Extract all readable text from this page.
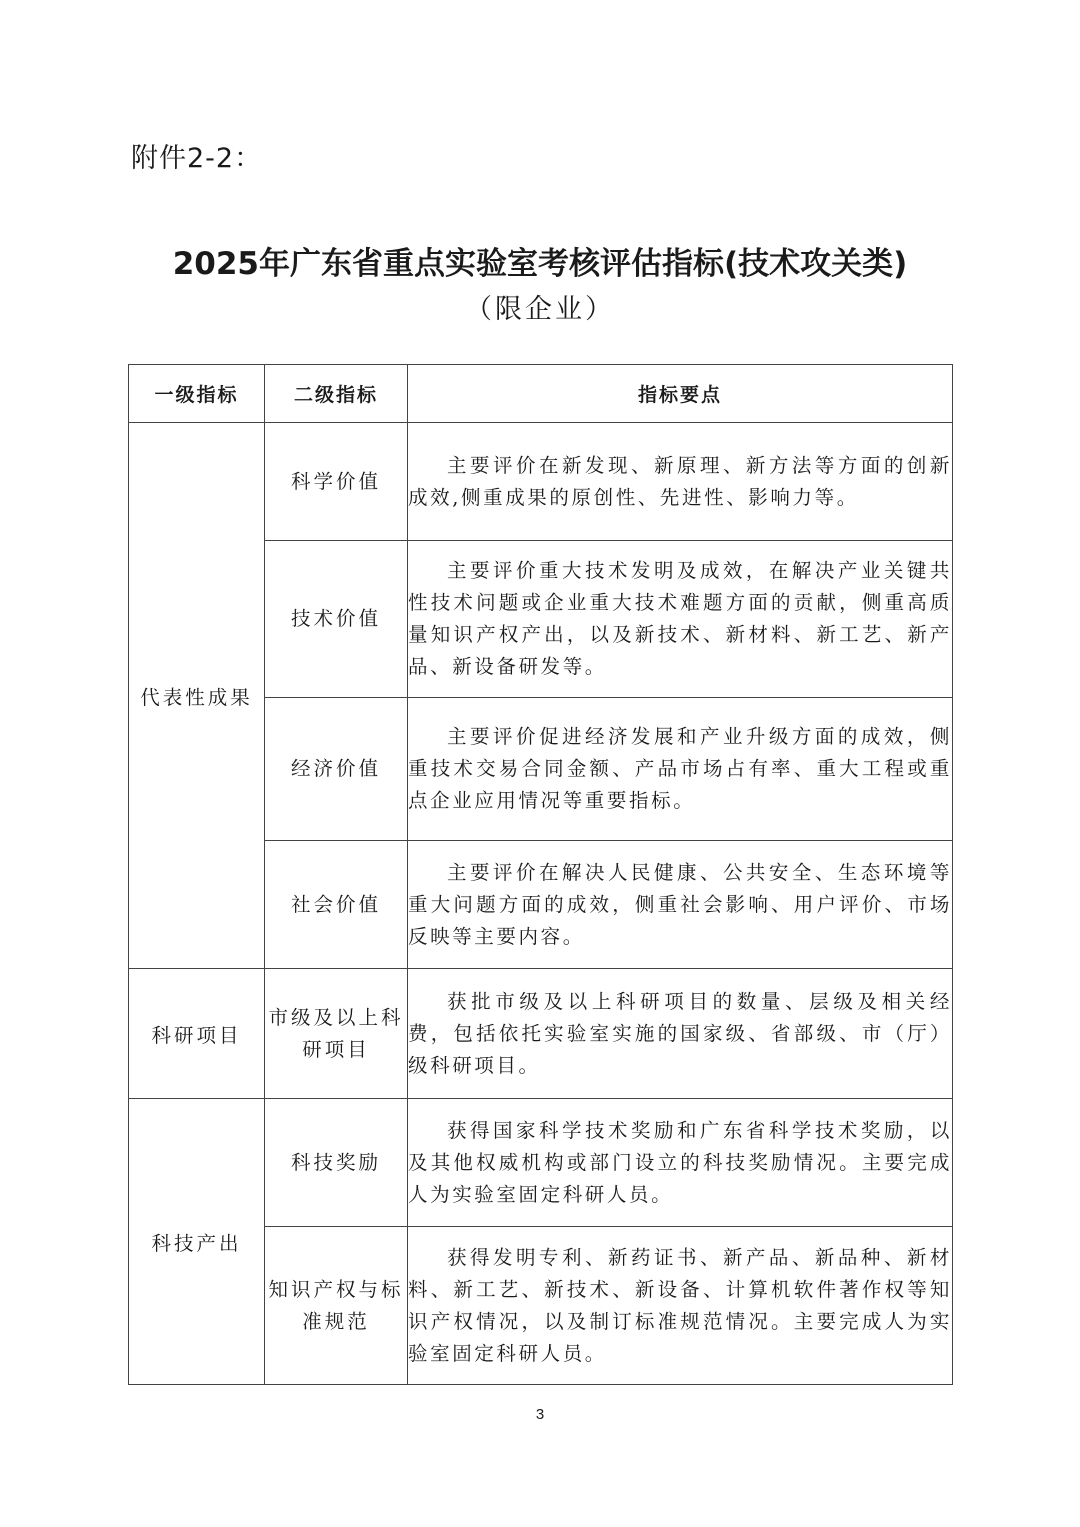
附件2-2：
2025年广东省重点实验室考核评估指标(技术攻关类)
（限企业）
一级指标	二级指标	指标要点
代表性成果	科学价值	主要评价在新发现、新原理、新方法等方面的创新成效,侧重成果的原创性、先进性、影响力等。

	技术价值	主要评价重大技术发明及成效，在解决产业关键共性技术问题或企业重大技术难题方面的贡献，侧重高质量知识产权产出，以及新技术、新材料、新工艺、新产品、新设备研发等。

	经济价值	主要评价促进经济发展和产业升级方面的成效，侧重技术交易合同金额、产品市场占有率、重大工程或重点企业应用情况等重要指标。

	社会价值	主要评价在解决人民健康、公共安全、生态环境等重大问题方面的成效，侧重社会影响、用户评价、市场反映等主要内容。

科研项目	市级及以上科研项目	获批市级及以上科研项目的数量、层级及相关经费，包括依托实验室实施的国家级、省部级、市（厅）级科研项目。

科技产出	科技奖励	获得国家科学技术奖励和广东省科学技术奖励，以及其他权威机构或部门设立的科技奖励情况。主要完成人为实验室固定科研人员。

	知识产权与标准规范	获得发明专利、新药证书、新产品、新品种、新材料、新工艺、新技术、新设备、计算机软件著作权等知识产权情况，以及制订标准规范情况。主要完成人为实验室固定科研人员。
3
